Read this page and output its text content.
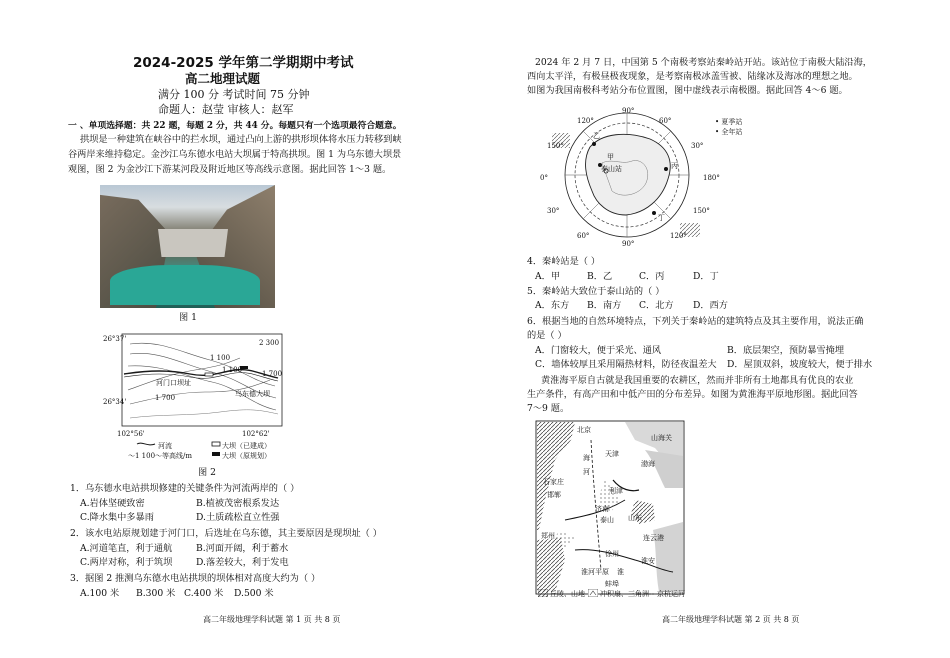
2024-2025 学年第二学期期中考试
高二地理试题
满分 100 分 考试时间 75 分钟
命题人：赵莹 审核人：赵军
一 、单项选择题：共 22 题，每题 2 分，共 44 分。每题只有一个选项最符合题意。
拱坝是一种建筑在峡谷中的拦水坝，通过凸向上游的拱形坝体将水压力转移到峡
谷两岸来维持稳定。金沙江乌东德水电站大坝属于特高拱坝。图 1 为乌东德大坝景
观图，图 2 为金沙江下游某河段及附近地区等高线示意图。据此回答 1～3 题。
图 1
26°37'
26°34'
102°56'	102°62'
2 300
1 100
1 100	1 700
1 700
河门口坝址
乌东德大坝
河流
～1 100～等高线/m
大坝（已建成）
大坝（原规划）
图 2
1．乌东德水电站拱坝修建的关键条件为河流两岸的（ ）
A.岩体坚硬致密	B.植被茂密根系发达
C.降水集中多暴雨	D.土质疏松直立性强
2．该水电站原规划建于河门口，后选址在乌东德，其主要原因是现坝址（ ）
A.河道笔直，利于通航	B.河面开阔，利于蓄水
C.两岸对称，利于筑坝	D.落差较大，利于发电
3．据图 2 推测乌东德水电站拱坝的坝体相对高度大约为（ ）
A.100 米 B.300 米 C.400 米 D.500 米
高二年级地理学科试题 第 1 页 共 8 页
2024 年 2 月 7 日，中国第 5 个南极考察站秦岭站开站。该站位于南极大陆沿海，
西向太平洋，有极昼极夜现象，是考察南极冰盖雪被、陆缘冰及海冰的理想之地。
如图为我国南极科考站分布位置图，图中虚线表示南极圈。据此回答 4～6 题。
90°
120°	60°
150°	30°
0°	180°
30°	150°
60°	120°
90°
乙
甲
泰山站	丙
丁
• 夏季站
• 全年站
4．秦岭站是（ ）
A．甲	B．乙	C．丙	D．丁
5．秦岭站大致位于泰山站的（ ）
A．东方 B．南方 C．北方 D．西方
6．根据当地的自然环境特点，下列关于秦岭站的建筑特点及其主要作用，说法正确
的是（ ）
A．门窗较大，便于采光、通风	B．底层架空，预防暴雪掩埋
C．墙体较厚且采用隔热材料，防径夜温差大 D．屋顶双斜，坡度较大，便于排水
黄淮海平原自古就是我国重要的农耕区，然而并非所有土地都具有优良的农业
生产条件，有高产田和中低产田的分布差异。如图为黄淮海平原地形图。据此回答
7～9 题。
北京
天津
山海关
渤海
海
河
石家庄
邯郸	利津
济南
泰山 山东
郑州	连云港
徐州
淮安
淮河平原 淮
蚌埠
丘陵、山地 冲积扇、三角洲 京杭运河
高二年级地理学科试题 第 2 页 共 8 页
